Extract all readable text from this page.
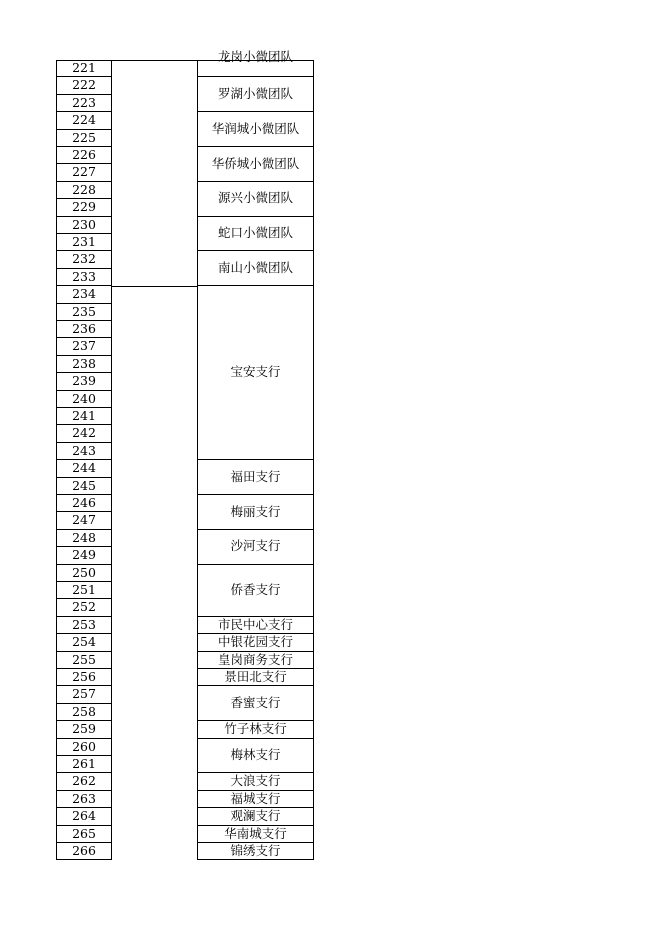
221
222
223
224
225
226
227
228
229
230
231
232
233
234
235
236
237
238
239
240
241
242
243
244
245
246
247
248
249
250
251
252
253
254
255
256
257
258
259
260
261
262
263
264
265
266
龙岗小微团队
罗湖小微团队
华润城小微团队
华侨城小微团队
源兴小微团队
蛇口小微团队
南山小微团队
宝安支行
福田支行
梅丽支行
沙河支行
侨香支行
市民中心支行
中银花园支行
皇岗商务支行
景田北支行
香蜜支行
竹子林支行
梅林支行
大浪支行
福城支行
观澜支行
华南城支行
锦绣支行
